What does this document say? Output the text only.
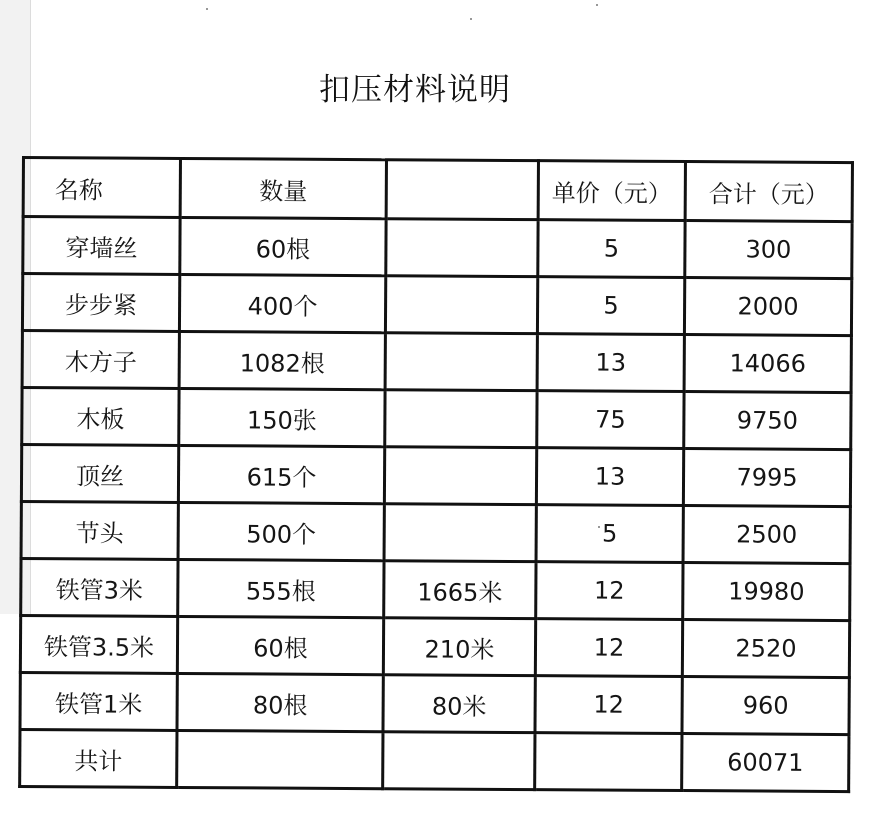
扣压材料说明
名称	数量		单价（元）	合计（元）
穿墙丝	60根		5	300
步步紧	400个		5	2000
木方子	1082根		13	14066
木板	150张		75	9750
顶丝	615个		13	7995
节头	500个		5	2500
铁管3米	555根	1665米	12	19980
铁管3.5米	60根	210米	12	2520
铁管1米	80根	80米	12	960
共计				60071
